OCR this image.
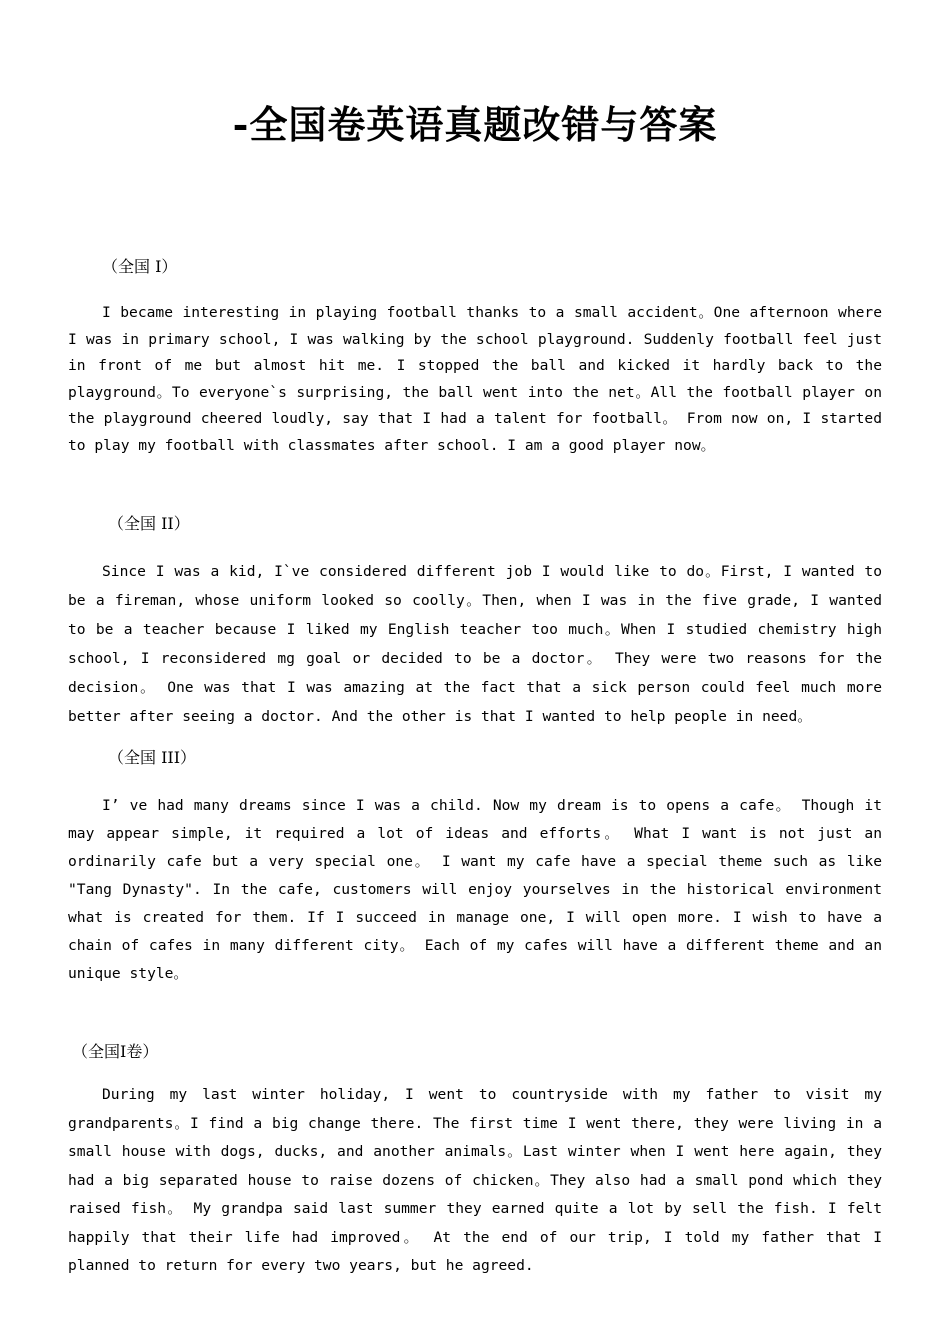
-全国卷英语真题改错与答案
（全国 I）

I became interesting in playing football thanks to a small accident。One afternoon where I was in primary school, I was walking by the school playground. Suddenly football feel just in front of me but almost hit me. I stopped the ball and kicked it hardly back to the playground。To everyone`s surprising, the ball went into the net。All the football player on the playground cheered loudly, say that I had a talent for football。 From now on, I started to play my football with classmates after school. I am a good player now。

（全国 II）

Since I was a kid, I`ve considered different job I would like to do。First, I wanted to be a fireman, whose uniform looked so coolly。Then, when I was in the five grade, I wanted to be a teacher because I liked my English teacher too much。When I studied chemistry high school, I reconsidered mg goal or decided to be a doctor。 They were two reasons for the decision。 One was that I was amazing at the fact that a sick person could feel much more better after seeing a doctor. And the other is that I wanted to help people in need。

（全国 III）

I’ ve had many dreams since I was a child. Now my dream is to opens a cafe。 Though it may appear simple, it required a lot of ideas and efforts。 What I want is not just an ordinarily cafe but a very special one。 I want my cafe have a special theme such as like "Tang Dynasty". In the cafe, customers will enjoy yourselves in the historical environment what is created for them. If I succeed in manage one, I will open more. I wish to have a chain of cafes in many different city。 Each of my cafes will have a different theme and an unique style。

（全国Ⅰ卷）

During my last winter holiday, I went to countryside with my father to visit my grandparents。I find a big change there. The first time I went there, they were living in a small house with dogs, ducks, and another animals。Last winter when I went here again, they had a big separated house to raise dozens of chicken。They also had a small pond which they raised fish。 My grandpa said last summer they earned quite a lot by sell the fish. I felt happily that their life had improved。 At the end of our trip, I told my father that I planned to return for every two years, but he agreed.
